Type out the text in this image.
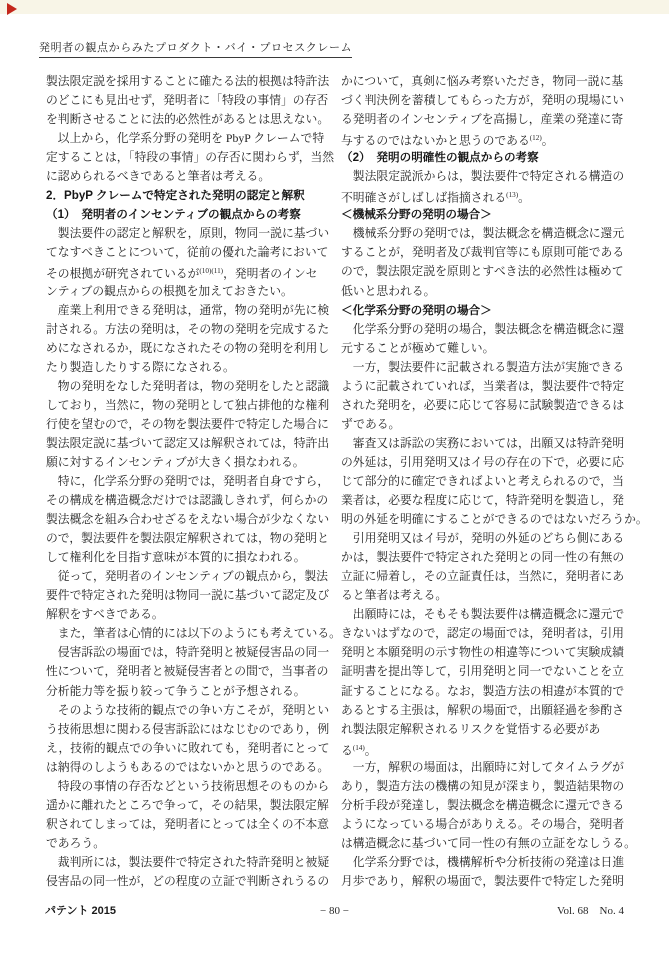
発明者の観点からみたプロダクト・バイ・プロセスクレーム
製法限定説を採用することに確たる法的根拠は特許法
のどこにも見出せず，発明者に「特段の事情」の存否
を判断させることに法的必然性があるとは思えない。
　以上から，化学系分野の発明を PbyP クレームで特
定することは，「特段の事情」の存否に関わらず，当然
に認められるべきであると筆者は考える。
2．PbyP クレームで特定された発明の認定と解釈
（1）　発明者のインセンティブの観点からの考察
　製法要件の認定と解釈を，原則，物同一説に基づい
てなすべきことについて，従前の優れた論考において
その根拠が研究されているが$^{(10)(11)}$，発明者のインセ
ンティブの観点からの根拠を加えておきたい。
　産業上利用できる発明は，通常，物の発明が先に検
討される。方法の発明は，その物の発明を完成するた
めになされるか，既になされたその物の発明を利用し
たり製造したりする際になされる。
　物の発明をなした発明者は，物の発明をしたと認識
しており，当然に，物の発明として独占排他的な権利
行使を望むので，その物を製法要件で特定した場合に
製法限定説に基づいて認定又は解釈されては，特許出
願に対するインセンティブが大きく損なわれる。
　特に，化学系分野の発明では，発明者自身ですら，
その構成を構造概念だけでは認識しきれず，何らかの
製法概念を組み合わせざるをえない場合が少なくない
ので，製法要件を製法限定解釈されては，物の発明と
して権利化を目指す意味が本質的に損なわれる。
　従って，発明者のインセンティブの観点から，製法
要件で特定された発明は物同一説に基づいて認定及び
解釈をすべきである。
　また，筆者は心情的には以下のようにも考えている。
　侵害訴訟の場面では，特許発明と被疑侵害品の同一
性について，発明者と被疑侵害者との間で，当事者の
分析能力等を振り絞って争うことが予想される。
　そのような技術的観点での争い方こそが，発明とい
う技術思想に関わる侵害訴訟にはなじむのであり，例
え，技術的観点での争いに敗れても，発明者にとって
は納得のしようもあるのではないかと思うのである。
　特段の事情の存否などという技術思想そのものから
遥かに離れたところで争って，その結果，製法限定解
釈されてしまっては，発明者にとっては全くの不本意
であろう。
　裁判所には，製法要件で特定された特許発明と被疑
侵害品の同一性が，どの程度の立証で判断されうるの
かについて，真剣に悩み考察いただき，物同一説に基
づく判決例を蓄積してもらった方が，発明の現場にい
る発明者のインセンティブを高揚し，産業の発達に寄
与するのではないかと思うのである$^{(12)}$。
（2）　発明の明確性の観点からの考察
　製法限定説派からは，製法要件で特定される構造の
不明確さがしばしば指摘される$^{(13)}$。
＜機械系分野の発明の場合＞
　機械系分野の発明では，製法概念を構造概念に還元
することが，発明者及び裁判官等にも原則可能である
ので，製法限定説を原則とすべき法的必然性は極めて
低いと思われる。
＜化学系分野の発明の場合＞
　化学系分野の発明の場合，製法概念を構造概念に還
元することが極めて難しい。
　一方，製法要件に記載される製造方法が実施できる
ように記載されていれば，当業者は，製法要件で特定
された発明を，必要に応じて容易に試験製造できるは
ずである。
　審査又は訴訟の実務においては，出願又は特許発明
の外延は，引用発明又はイ号の存在の下で，必要に応
じて部分的に確定できればよいと考えられるので，当
業者は，必要な程度に応じて，特許発明を製造し，発
明の外延を明確にすることができるのではないだろうか。
　引用発明又はイ号が，発明の外延のどちら側にある
かは，製法要件で特定された発明との同一性の有無の
立証に帰着し，その立証責任は，当然に，発明者にあ
ると筆者は考える。
　出願時には，そもそも製法要件は構造概念に還元で
きないはずなので，認定の場面では，発明者は，引用
発明と本願発明の示す物性の相違等について実験成績
証明書を提出等して，引用発明と同一でないことを立
証することになる。なお，製造方法の相違が本質的で
あるとする主張は，解釈の場面で，出願経過を参酌さ
れ製法限定解釈されるリスクを覚悟する必要があ
る$^{(14)}$。
　一方，解釈の場面は，出願時に対してタイムラグが
あり，製造方法の機構の知見が深まり，製造結果物の
分析手段が発達し，製法概念を構造概念に還元できる
ようになっている場合がありえる。その場合，発明者
は構造概念に基づいて同一性の有無の立証をなしうる。
　化学系分野では，機構解析や分析技術の発達は日進
月歩であり，解釈の場面で，製法要件で特定した発明
パテント 2015	− 80 −	Vol. 68　No. 4
